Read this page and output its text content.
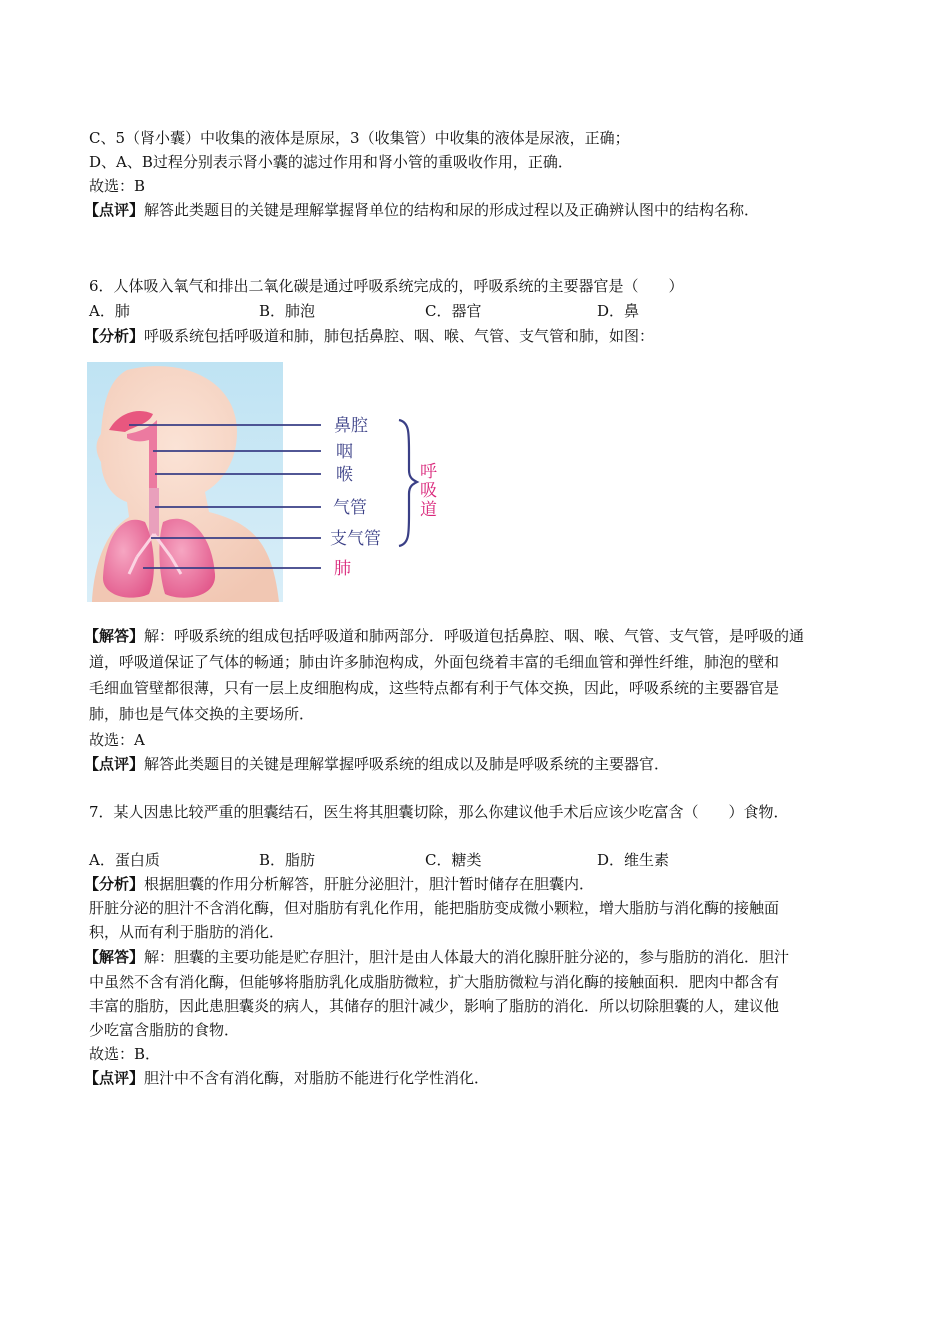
C、5（肾小囊）中收集的液体是原尿，3（收集管）中收集的液体是尿液，正确；
D、A、B过程分别表示肾小囊的滤过作用和肾小管的重吸收作用，正确．
故选：B
【点评】解答此类题目的关键是理解掌握肾单位的结构和尿的形成过程以及正确辨认图中的结构名称．
6．人体吸入氧气和排出二氧化碳是通过呼吸系统完成的，呼吸系统的主要器官是（　　）
A．肺	B．肺泡	C．器官	D．鼻
【分析】呼吸系统包括呼吸道和肺，肺包括鼻腔、咽、喉、气管、支气管和肺，如图：
鼻腔
咽
喉
气管
支气管
肺
呼吸道
【解答】解：呼吸系统的组成包括呼吸道和肺两部分．呼吸道包括鼻腔、咽、喉、气管、支气管，是呼吸的通
道，呼吸道保证了气体的畅通；肺由许多肺泡构成，外面包绕着丰富的毛细血管和弹性纤维，肺泡的壁和
毛细血管壁都很薄，只有一层上皮细胞构成，这些特点都有利于气体交换，因此，呼吸系统的主要器官是
肺，肺也是气体交换的主要场所．
故选：A
【点评】解答此类题目的关键是理解掌握呼吸系统的组成以及肺是呼吸系统的主要器官．
7．某人因患比较严重的胆囊结石，医生将其胆囊切除，那么你建议他手术后应该少吃富含（　　）食物．
A．蛋白质	B．脂肪	C．糖类	D．维生素
【分析】根据胆囊的作用分析解答，肝脏分泌胆汁，胆汁暂时储存在胆囊内．
肝脏分泌的胆汁不含消化酶，但对脂肪有乳化作用，能把脂肪变成微小颗粒，增大脂肪与消化酶的接触面
积，从而有利于脂肪的消化．
【解答】解：胆囊的主要功能是贮存胆汁，胆汁是由人体最大的消化腺肝脏分泌的，参与脂肪的消化．胆汁
中虽然不含有消化酶，但能够将脂肪乳化成脂肪微粒，扩大脂肪微粒与消化酶的接触面积．肥肉中都含有
丰富的脂肪，因此患胆囊炎的病人，其储存的胆汁减少，影响了脂肪的消化．所以切除胆囊的人，建议他
少吃富含脂肪的食物．
故选：B．
【点评】胆汁中不含有消化酶，对脂肪不能进行化学性消化．
